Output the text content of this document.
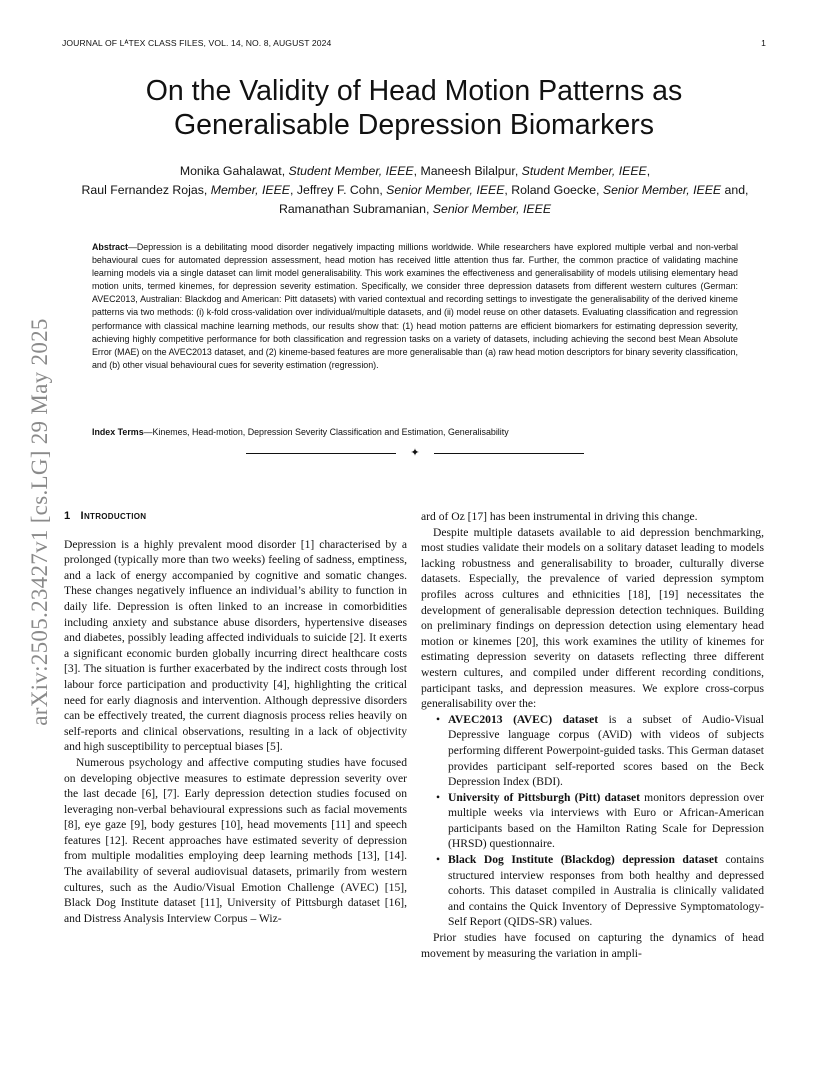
JOURNAL OF LᴬTEX CLASS FILES, VOL. 14, NO. 8, AUGUST 2024	1
arXiv:2505.23427v1 [cs.LG] 29 May 2025
On the Validity of Head Motion Patterns as Generalisable Depression Biomarkers
Monika Gahalawat, Student Member, IEEE, Maneesh Bilalpur, Student Member, IEEE,
Raul Fernandez Rojas, Member, IEEE, Jeffrey F. Cohn, Senior Member, IEEE, Roland Goecke, Senior Member, IEEE and, Ramanathan Subramanian, Senior Member, IEEE
Abstract—Depression is a debilitating mood disorder negatively impacting millions worldwide. While researchers have explored multiple verbal and non-verbal behavioural cues for automated depression assessment, head motion has received little attention thus far. Further, the common practice of validating machine learning models via a single dataset can limit model generalisability. This work examines the effectiveness and generalisability of models utilising elementary head motion units, termed kinemes, for depression severity estimation. Specifically, we consider three depression datasets from different western cultures (German: AVEC2013, Australian: Blackdog and American: Pitt datasets) with varied contextual and recording settings to investigate the generalisability of the derived kineme patterns via two methods: (i) k-fold cross-validation over individual/multiple datasets, and (ii) model reuse on other datasets. Evaluating classification and regression performance with classical machine learning methods, our results show that: (1) head motion patterns are efficient biomarkers for estimating depression severity, achieving highly competitive performance for both classification and regression tasks on a variety of datasets, including achieving the second best Mean Absolute Error (MAE) on the AVEC2013 dataset, and (2) kineme-based features are more generalisable than (a) raw head motion descriptors for binary severity classification, and (b) other visual behavioural cues for severity estimation (regression).
Index Terms—Kinemes, Head-motion, Depression Severity Classification and Estimation, Generalisability
✦
1 Introduction

Depression is a highly prevalent mood disorder [1] characterised by a prolonged (typically more than two weeks) feeling of sadness, emptiness, and a lack of energy accompanied by cognitive and somatic changes. These changes negatively influence an individual’s ability to function in daily life. Depression is often linked to an increase in comorbidities including anxiety and substance abuse disorders, hypertensive diseases and diabetes, possibly leading affected individuals to suicide [2]. It exerts a significant economic burden globally incurring direct healthcare costs [3]. The situation is further exacerbated by the indirect costs through lost labour force participation and productivity [4], highlighting the critical need for early diagnosis and intervention. Although depressive disorders can be effectively treated, the current diagnosis process relies heavily on self-reports and clinical observations, resulting in a lack of objectivity and high susceptibility to perceptual biases [5].

Numerous psychology and affective computing studies have focused on developing objective measures to estimate depression severity over the last decade [6], [7]. Early depression detection studies focused on leveraging non-verbal behavioural expressions such as facial movements [8], eye gaze [9], body gestures [10], head movements [11] and speech features [12]. Recent approaches have estimated severity of depression from multiple modalities employing deep learning methods [13], [14]. The availability of several audiovisual datasets, primarily from western cultures, such as the Audio/Visual Emotion Challenge (AVEC) [15], Black Dog Institute dataset [11], University of Pittsburgh dataset [16], and Distress Analysis Interview Corpus – Wiz-

ard of Oz [17] has been instrumental in driving this change.

Despite multiple datasets available to aid depression benchmarking, most studies validate their models on a solitary dataset leading to models lacking robustness and generalisability to broader, culturally diverse datasets. Especially, the prevalence of varied depression symptom profiles across cultures and ethnicities [18], [19] necessitates the development of generalisable depression detection techniques. Building on preliminary findings on depression detection using elementary head motion or kinemes [20], this work examines the utility of kinemes for estimating depression severity on datasets reflecting three different western cultures, and compiled under different recording conditions, participant tasks, and depression measures. We explore cross-corpus generalisability over the:

• AVEC2013 (AVEC) dataset is a subset of Audio-Visual Depressive language corpus (AViD) with videos of subjects performing different Powerpoint-guided tasks. This German dataset provides participant self-reported scores based on the Beck Depression Index (BDI).
• University of Pittsburgh (Pitt) dataset monitors depression over multiple weeks via interviews with Euro or African-American participants based on the Hamilton Rating Scale for Depression (HRSD) questionnaire.
• Black Dog Institute (Blackdog) depression dataset contains structured interview responses from both healthy and depressed cohorts. This dataset compiled in Australia is clinically validated and contains the Quick Inventory of Depressive Symptomatology-Self Report (QIDS-SR) values.

Prior studies have focused on capturing the dynamics of head movement by measuring the variation in ampli-
